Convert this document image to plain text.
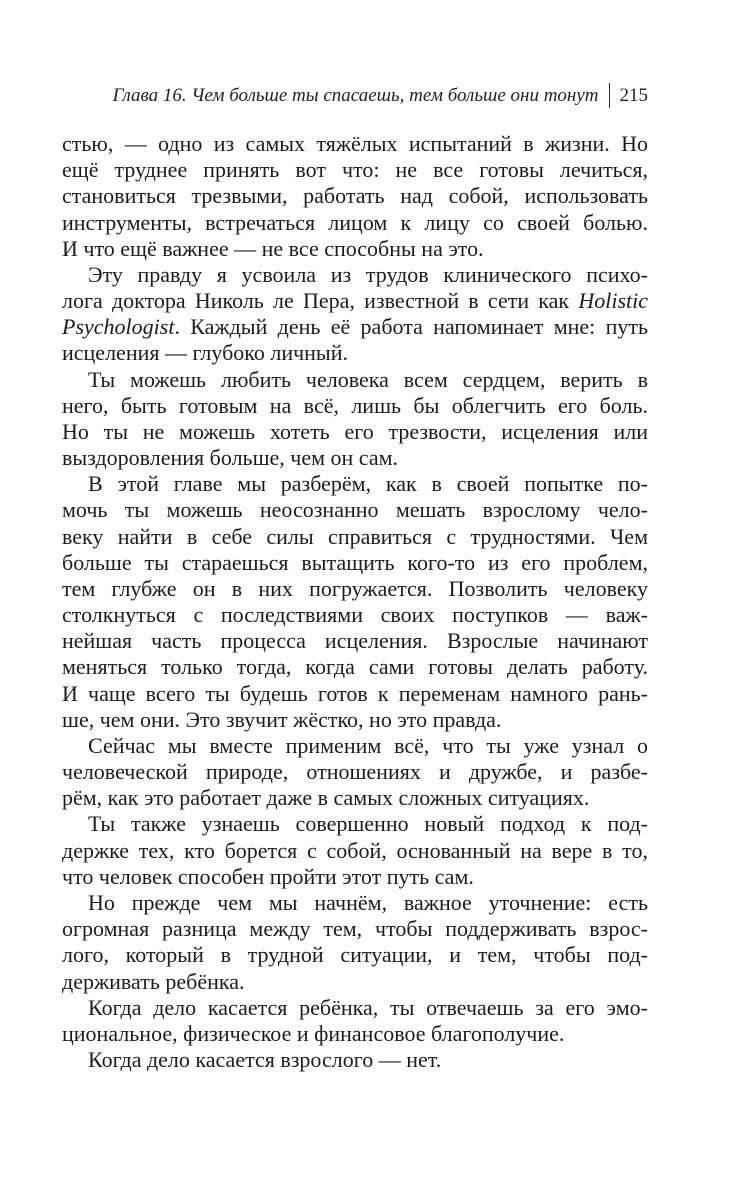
Глава 16. Чем больше ты спасаешь, тем больше они тонут 215
стью, — одно из самых тяжёлых испытаний в жизни. Но
ещё труднее принять вот что: не все готовы лечиться,
становиться трезвыми, работать над собой, использовать
инструменты, встречаться лицом к лицу со своей болью.
И что ещё важнее — не все способны на это.
Эту правду я усвоила из трудов клинического психо-
лога доктора Николь ле Пера, известной в сети как Holistic
Psychologist. Каждый день её работа напоминает мне: путь
исцеления — глубоко личный.
Ты можешь любить человека всем сердцем, верить в
него, быть готовым на всё, лишь бы облегчить его боль.
Но ты не можешь хотеть его трезвости, исцеления или
выздоровления больше, чем он сам.
В этой главе мы разберём, как в своей попытке по-
мочь ты можешь неосознанно мешать взрослому чело-
веку найти в себе силы справиться с трудностями. Чем
больше ты стараешься вытащить кого-то из его проблем,
тем глубже он в них погружается. Позволить человеку
столкнуться с последствиями своих поступков — важ-
нейшая часть процесса исцеления. Взрослые начинают
меняться только тогда, когда сами готовы делать работу.
И чаще всего ты будешь готов к переменам намного рань-
ше, чем они. Это звучит жёстко, но это правда.
Сейчас мы вместе применим всё, что ты уже узнал о
человеческой природе, отношениях и дружбе, и разбе-
рём, как это работает даже в самых сложных ситуациях.
Ты также узнаешь совершенно новый подход к под-
держке тех, кто борется с собой, основанный на вере в то,
что человек способен пройти этот путь сам.
Но прежде чем мы начнём, важное уточнение: есть
огромная разница между тем, чтобы поддерживать взрос-
лого, который в трудной ситуации, и тем, чтобы под-
держивать ребёнка.
Когда дело касается ребёнка, ты отвечаешь за его эмо-
циональное, физическое и финансовое благополучие.
Когда дело касается взрослого — нет.
